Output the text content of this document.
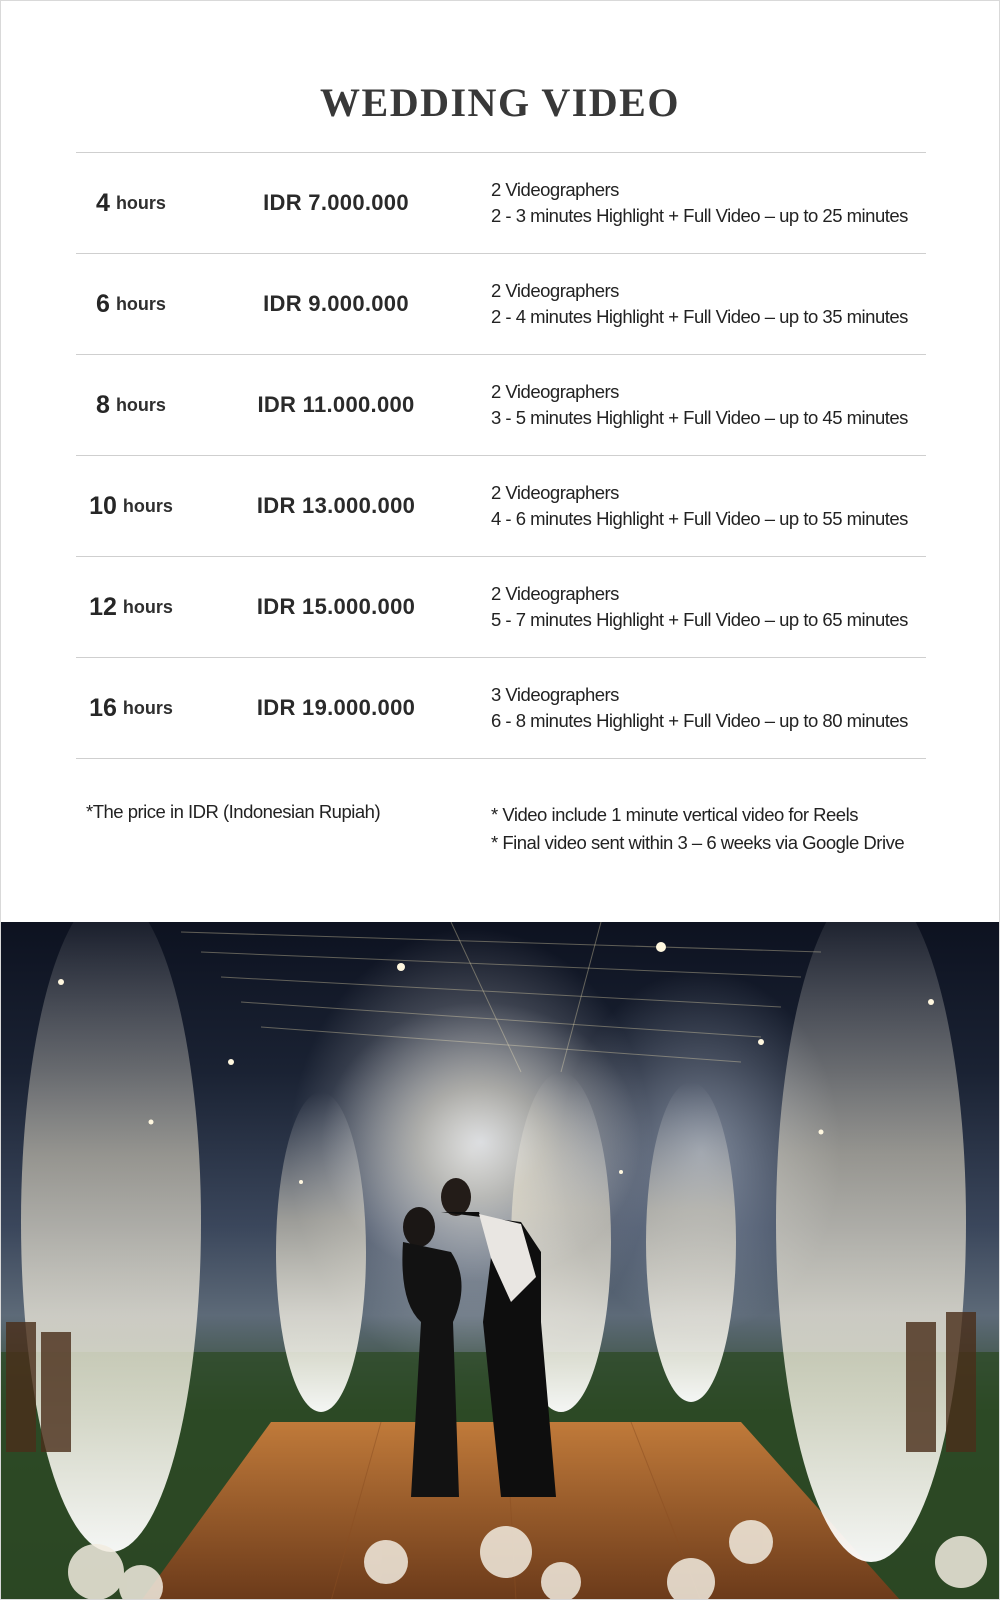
WEDDING VIDEO
4 hours	IDR 7.000.000
2 Videographers
2 - 3 minutes Highlight + Full Video – up to 25 minutes
6 hours	IDR 9.000.000
2 Videographers
2 - 4 minutes Highlight + Full Video – up to 35 minutes
8 hours	IDR 11.000.000
2 Videographers
3 - 5 minutes Highlight + Full Video – up to 45 minutes
10 hours	IDR 13.000.000
2 Videographers
4 - 6 minutes Highlight + Full Video – up to 55 minutes
12 hours	IDR 15.000.000
2 Videographers
5 - 7 minutes Highlight + Full Video – up to 65 minutes
16 hours	IDR 19.000.000
3 Videographers
6 - 8 minutes Highlight + Full Video – up to 80 minutes
*The price in IDR (Indonesian Rupiah)	* Video include 1 minute vertical video for Reels
* Final video sent within 3 – 6 weeks via Google Drive
